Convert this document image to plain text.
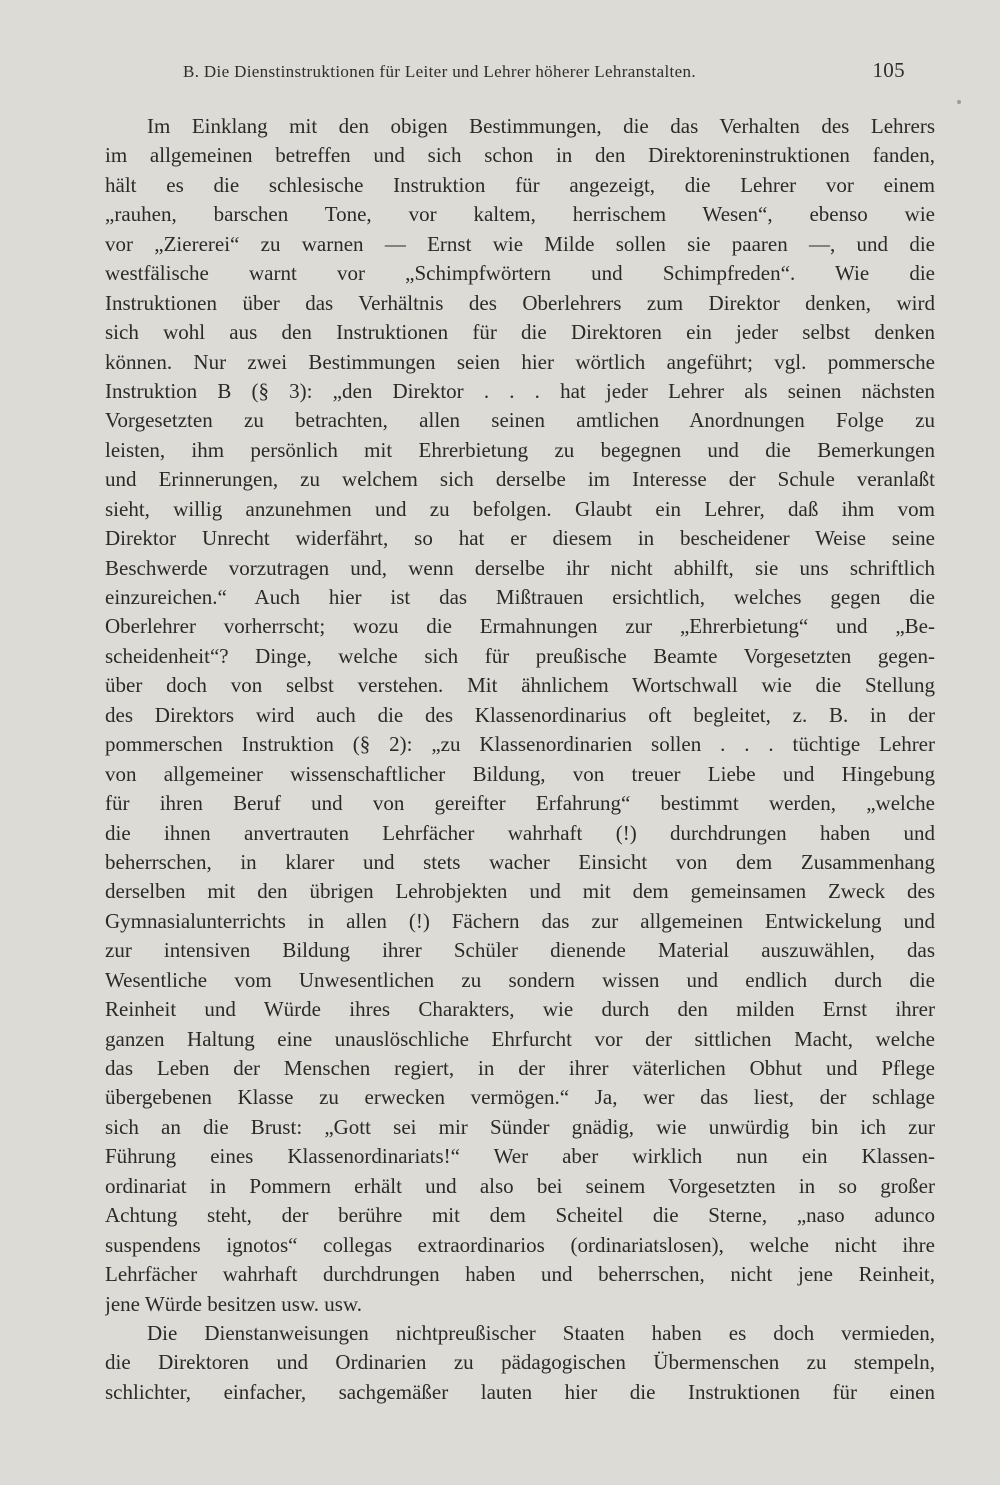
B. Die Dienstinstruktionen für Leiter und Lehrer höherer Lehranstalten.	105
Im Einklang mit den obigen Bestimmungen, die das Verhalten des Lehrers
im allgemeinen betreffen und sich schon in den Direktoreninstruktionen fanden,
hält es die schlesische Instruktion für angezeigt, die Lehrer vor einem
„rauhen, barschen Tone, vor kaltem, herrischem Wesen“, ebenso wie
vor „Ziererei“ zu warnen — Ernst wie Milde sollen sie paaren —, und die
westfälische warnt vor „Schimpfwörtern und Schimpfreden“. Wie die
Instruktionen über das Verhältnis des Oberlehrers zum Direktor denken, wird
sich wohl aus den Instruktionen für die Direktoren ein jeder selbst denken
können. Nur zwei Bestimmungen seien hier wörtlich angeführt; vgl. pommersche
Instruktion B (§ 3): „den Direktor . . . hat jeder Lehrer als seinen nächsten
Vorgesetzten zu betrachten, allen seinen amtlichen Anordnungen Folge zu
leisten, ihm persönlich mit Ehrerbietung zu begegnen und die Bemerkungen
und Erinnerungen, zu welchem sich derselbe im Interesse der Schule veranlaßt
sieht, willig anzunehmen und zu befolgen. Glaubt ein Lehrer, daß ihm vom
Direktor Unrecht widerfährt, so hat er diesem in bescheidener Weise seine
Beschwerde vorzutragen und, wenn derselbe ihr nicht abhilft, sie uns schriftlich
einzureichen.“ Auch hier ist das Mißtrauen ersichtlich, welches gegen die
Oberlehrer vorherrscht; wozu die Ermahnungen zur „Ehrerbietung“ und „Be-
scheidenheit“? Dinge, welche sich für preußische Beamte Vorgesetzten gegen-
über doch von selbst verstehen. Mit ähnlichem Wortschwall wie die Stellung
des Direktors wird auch die des Klassenordinarius oft begleitet, z. B. in der
pommerschen Instruktion (§ 2): „zu Klassenordinarien sollen . . . tüchtige Lehrer
von allgemeiner wissenschaftlicher Bildung, von treuer Liebe und Hingebung
für ihren Beruf und von gereifter Erfahrung“ bestimmt werden, „welche
die ihnen anvertrauten Lehrfächer wahrhaft (!) durchdrungen haben und
beherrschen, in klarer und stets wacher Einsicht von dem Zusammenhang
derselben mit den übrigen Lehrobjekten und mit dem gemeinsamen Zweck des
Gymnasialunterrichts in allen (!) Fächern das zur allgemeinen Entwickelung und
zur intensiven Bildung ihrer Schüler dienende Material auszuwählen, das
Wesentliche vom Unwesentlichen zu sondern wissen und endlich durch die
Reinheit und Würde ihres Charakters, wie durch den milden Ernst ihrer
ganzen Haltung eine unauslöschliche Ehrfurcht vor der sittlichen Macht, welche
das Leben der Menschen regiert, in der ihrer väterlichen Obhut und Pflege
übergebenen Klasse zu erwecken vermögen.“ Ja, wer das liest, der schlage
sich an die Brust: „Gott sei mir Sünder gnädig, wie unwürdig bin ich zur
Führung eines Klassenordinariats!“ Wer aber wirklich nun ein Klassen-
ordinariat in Pommern erhält und also bei seinem Vorgesetzten in so großer
Achtung steht, der berühre mit dem Scheitel die Sterne, „naso adunco
suspendens ignotos“ collegas extraordinarios (ordinariatslosen), welche nicht ihre
Lehrfächer wahrhaft durchdrungen haben und beherrschen, nicht jene Reinheit,
jene Würde besitzen usw. usw.
Die Dienstanweisungen nichtpreußischer Staaten haben es doch vermieden,
die Direktoren und Ordinarien zu pädagogischen Übermenschen zu stempeln,
schlichter, einfacher, sachgemäßer lauten hier die Instruktionen für einen
